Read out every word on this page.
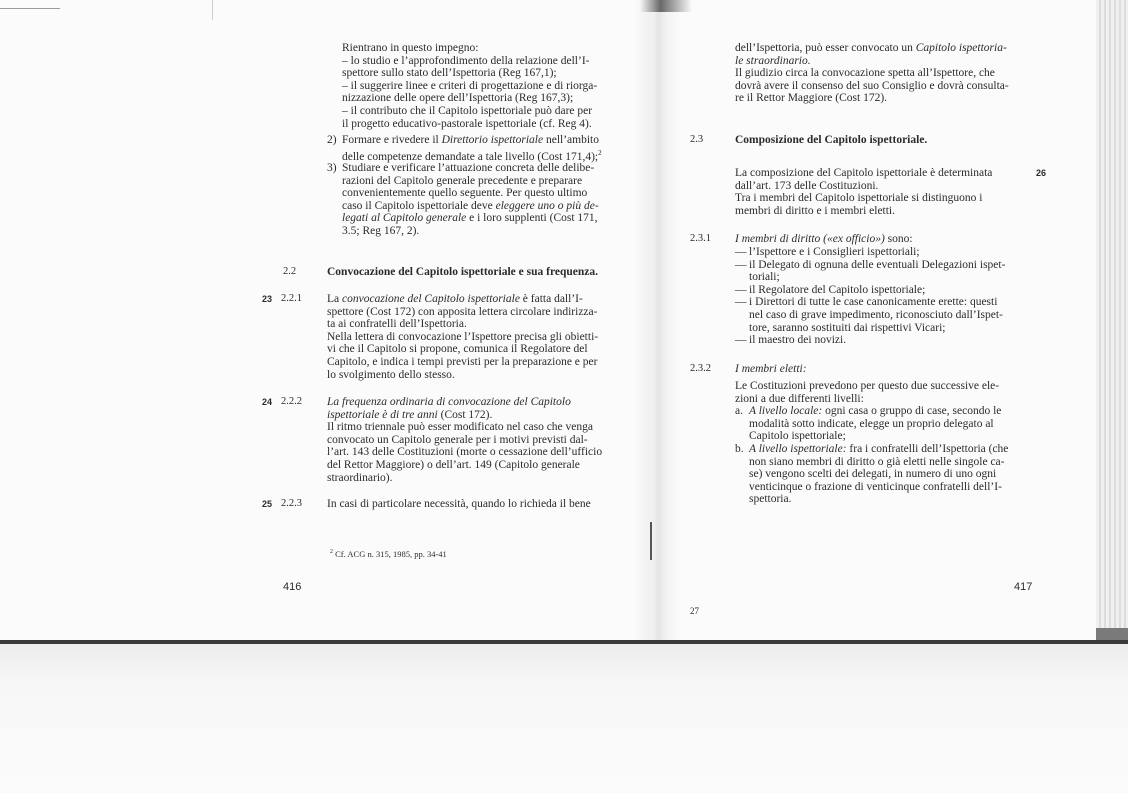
Rientrano in questo impegno:

– lo studio e l’approfondimento della relazione dell’I-

spettore sullo stato dell’Ispettoria (Reg 167,1);

– il suggerire linee e criteri di progettazione e di riorga-

nizzazione delle opere dell’Ispettoria (Reg 167,3);

– il contributo che il Capitolo ispettoriale può dare per

il progetto educativo-pastorale ispettoriale (cf. Reg 4).

2) Formare e rivedere il Direttorio ispettoriale nell’ambito

delle competenze demandate a tale livello (Cost 171,4);$^2$

3) Studiare e verificare l’attuazione concreta delle delibe-

razioni del Capitolo generale precedente e preparare

convenientemente quello seguente. Per questo ultimo

caso il Capitolo ispettoriale deve eleggere uno o più de-

legati al Capitolo generale e i loro supplenti (Cost 171,

3.5; Reg 167, 2).

2.2	Convocazione del Capitolo ispettoriale e sua frequenza.
23 2.2.1 La convocazione del Capitolo ispettoriale è fatta dall’I-

spettore (Cost 172) con apposita lettera circolare indirizza-

ta ai confratelli dell’Ispettoria.

Nella lettera di convocazione l’Ispettore precisa gli obietti-

vi che il Capitolo si propone, comunica il Regolatore del

Capitolo, e indica i tempi previsti per la preparazione e per

lo svolgimento dello stesso.

24 2.2.2 La frequenza ordinaria di convocazione del Capitolo

ispettoriale è di tre anni (Cost 172).

Il ritmo triennale può esser modificato nel caso che venga

convocato un Capitolo generale per i motivi previsti dal-

l’art. 143 delle Costituzioni (morte o cessazione dell’ufficio

del Rettor Maggiore) o dell’art. 149 (Capitolo generale

straordinario).

25 2.2.3 In casi di particolare necessità, quando lo richieda il bene
$^2$ Cf. ACG n. 315, 1985, pp. 34-41
416

dell’Ispettoria, può esser convocato un Capitolo ispettoria-

le straordinario.

Il giudizio circa la convocazione spetta all’Ispettore, che

dovrà avere il consenso del suo Consiglio e dovrà consulta-

re il Rettor Maggiore (Cost 172).

2.3	Composizione del Capitolo ispettoriale.
26

La composizione del Capitolo ispettoriale è determinata

dall’art. 173 delle Costituzioni.

Tra i membri del Capitolo ispettoriale si distinguono i

membri di diritto e i membri eletti.

2.3.1 I membri di diritto («ex officio») sono:
— l’Ispettore e i Consiglieri ispettoriali;
— il Delegato di ognuna delle eventuali Delegazioni ispet-
toriali;
— il Regolatore del Capitolo ispettoriale;
— i Direttori di tutte le case canonicamente erette: questi
nel caso di grave impedimento, riconosciuto dall’Ispet-
tore, saranno sostituiti dai rispettivi Vicari;
— il maestro dei novizi.
2.3.2 I membri eletti:

Le Costituzioni prevedono per questo due successive ele-

zioni a due differenti livelli:

a. A livello locale: ogni casa o gruppo di case, secondo le
modalità sotto indicate, elegge un proprio delegato al
Capitolo ispettoriale;
b. A livello ispettoriale: fra i confratelli dell’Ispettoria (che
non siano membri di diritto o già eletti nelle singole ca-
se) vengono scelti dei delegati, in numero di uno ogni
venticinque o frazione di venticinque confratelli dell’I-
spettoria.
417
27
